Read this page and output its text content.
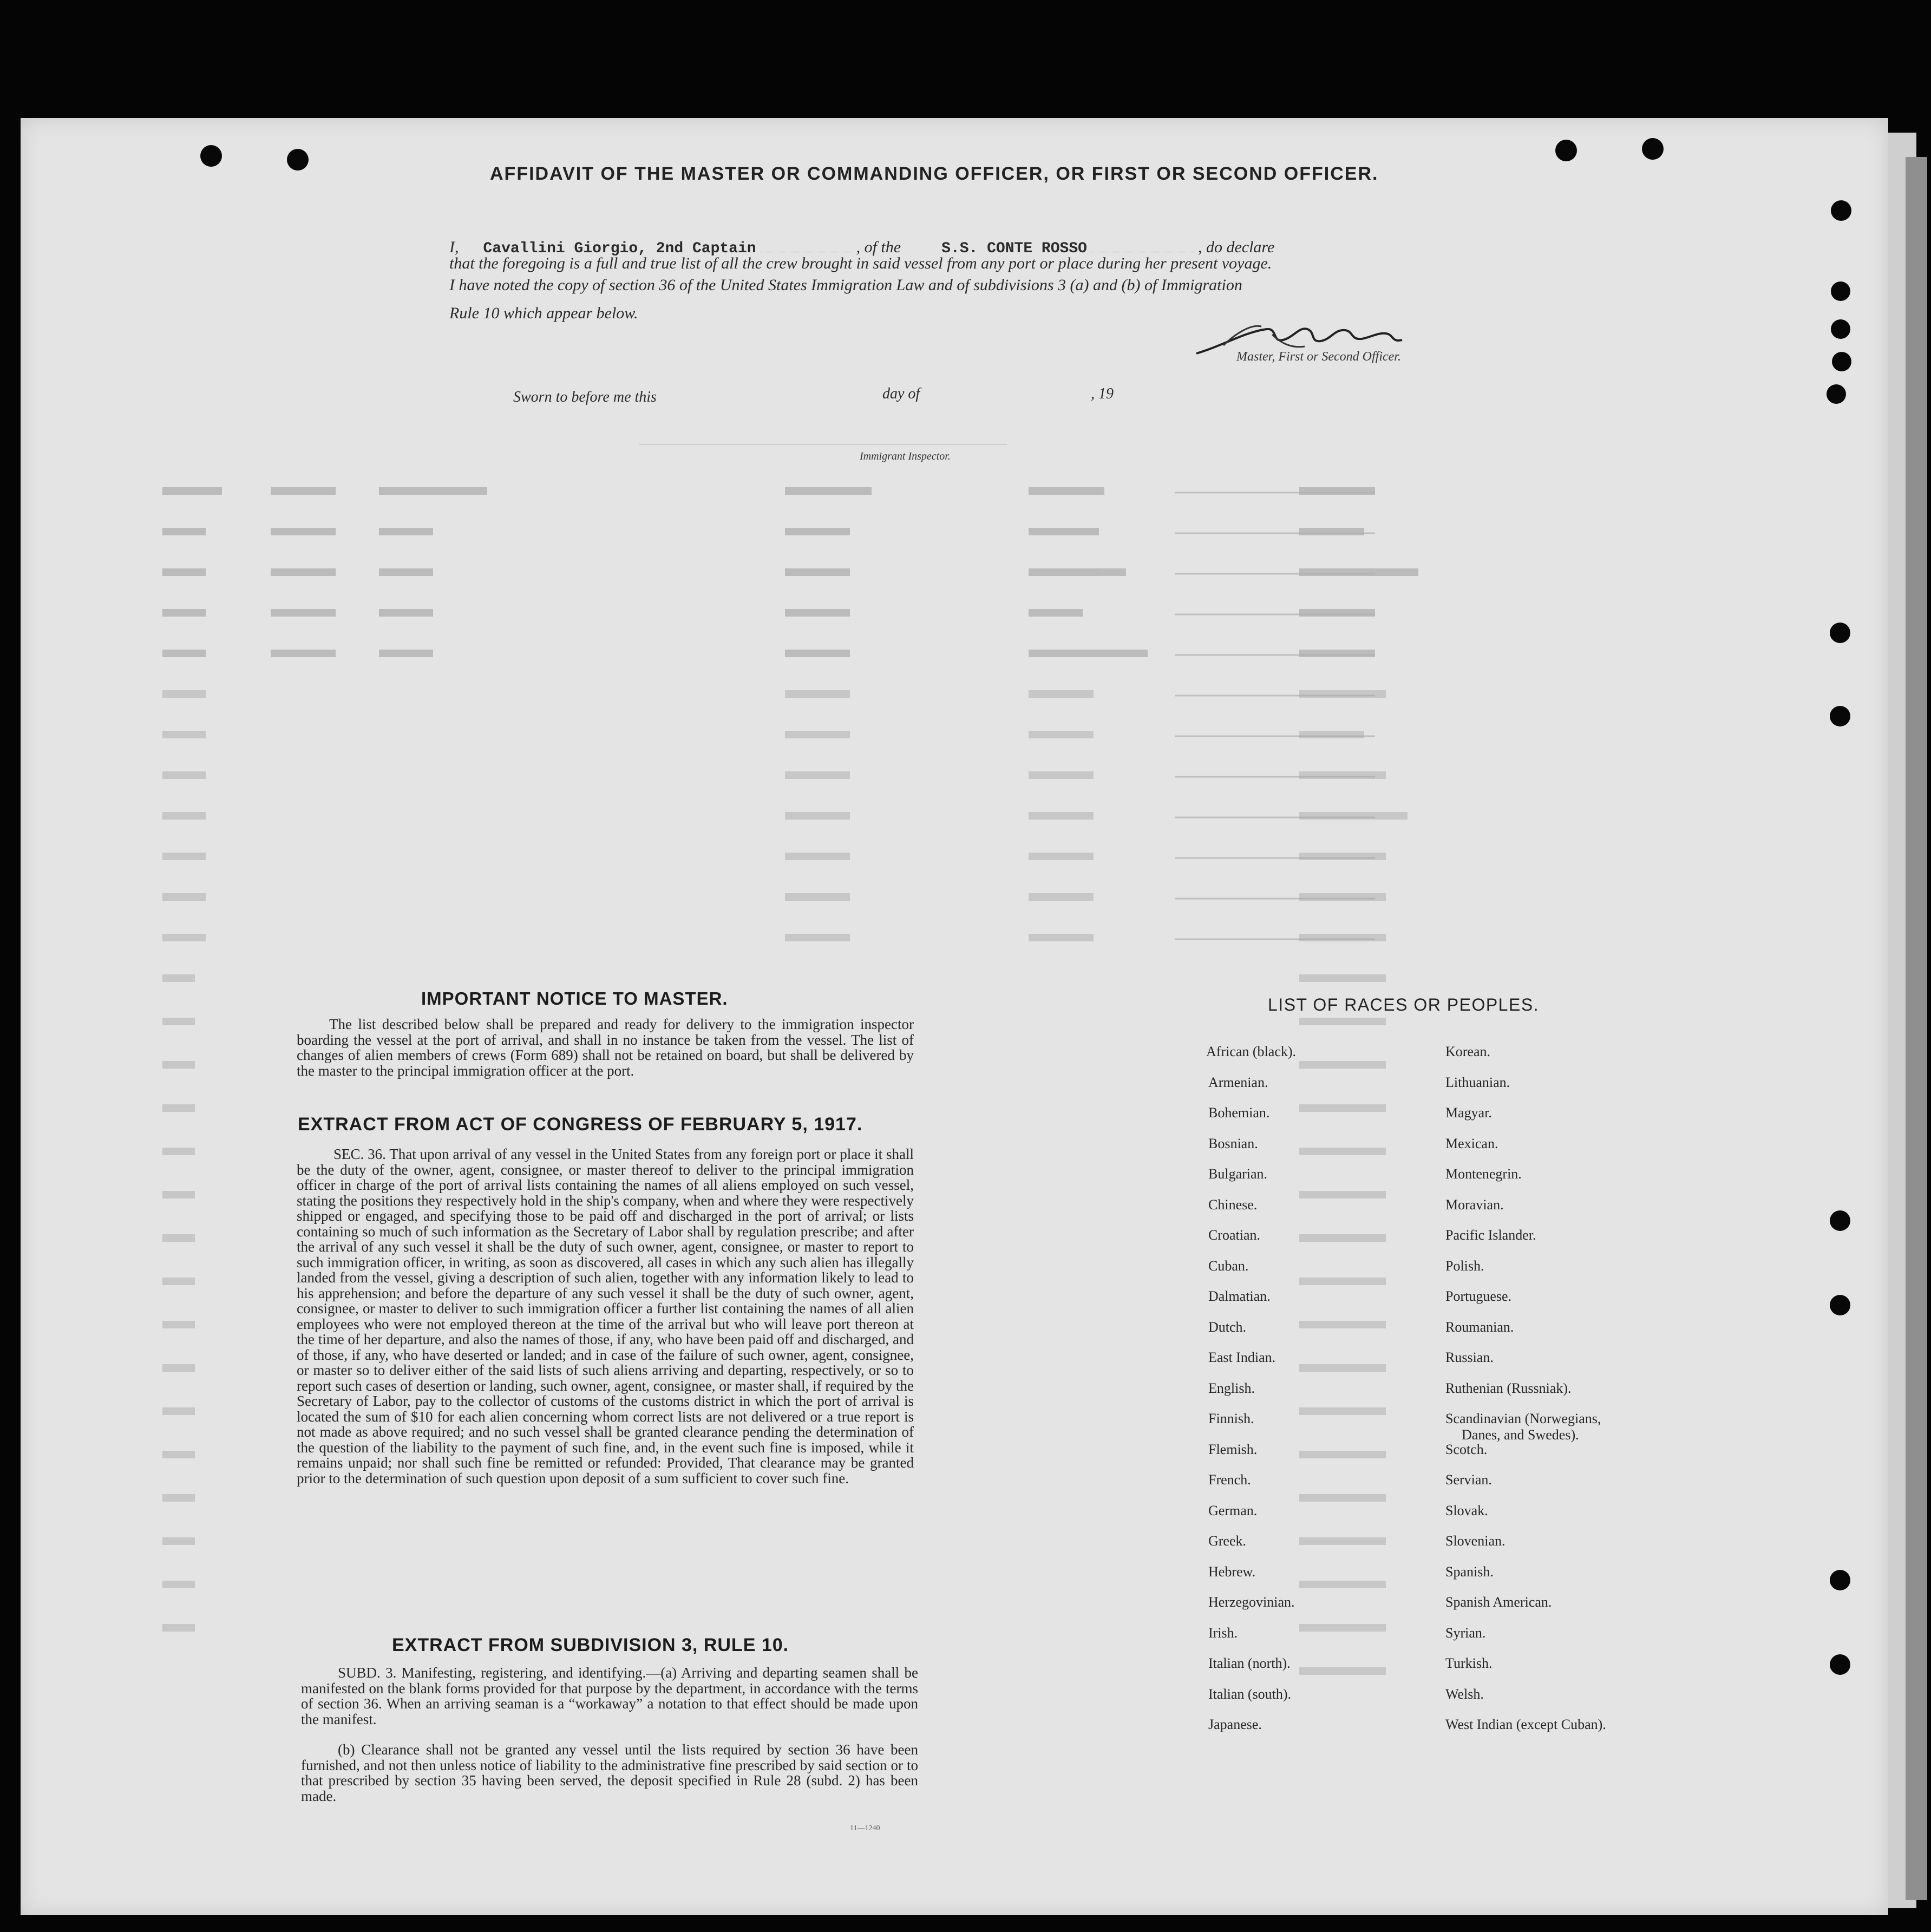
AFFIDAVIT OF THE MASTER OR COMMANDING OFFICER, OR FIRST OR SECOND OFFICER.
I, Cavallini Giorgio, 2nd Captain	, of the	S.S. CONTE ROSSO	, do declare
that the foregoing is a full and true list of all the crew brought in said vessel from any port or place during her present voyage.
I have noted the copy of section 36 of the United States Immigration Law and of subdivisions 3 (a) and (b) of Immigration
Rule 10 which appear below.
Master, First or Second Officer.
Sworn to before me this	day of	, 19
Immigrant Inspector.
IMPORTANT NOTICE TO MASTER.
The list described below shall be prepared and ready for delivery to the immigration inspector boarding the vessel at the port of arrival, and shall in no instance be taken from the vessel. The list of changes of alien members of crews (Form 689) shall not be retained on board, but shall be delivered by the master to the principal immigration officer at the port.
EXTRACT FROM ACT OF CONGRESS OF FEBRUARY 5, 1917.
SEC. 36. That upon arrival of any vessel in the United States from any foreign port or place it shall be the duty of the owner, agent, consignee, or master thereof to deliver to the principal immigration officer in charge of the port of arrival lists containing the names of all aliens employed on such vessel, stating the positions they respectively hold in the ship's company, when and where they were respectively shipped or engaged, and specifying those to be paid off and discharged in the port of arrival; or lists containing so much of such information as the Secretary of Labor shall by regulation prescribe; and after the arrival of any such vessel it shall be the duty of such owner, agent, consignee, or master to report to such immigration officer, in writing, as soon as discovered, all cases in which any such alien has illegally landed from the vessel, giving a description of such alien, together with any information likely to lead to his apprehension; and before the departure of any such vessel it shall be the duty of such owner, agent, consignee, or master to deliver to such immigration officer a further list containing the names of all alien employees who were not employed thereon at the time of the arrival but who will leave port thereon at the time of her departure, and also the names of those, if any, who have been paid off and discharged, and of those, if any, who have deserted or landed; and in case of the failure of such owner, agent, consignee, or master so to deliver either of the said lists of such aliens arriving and departing, respectively, or so to report such cases of desertion or landing, such owner, agent, consignee, or master shall, if required by the Secretary of Labor, pay to the collector of customs of the customs district in which the port of arrival is located the sum of $10 for each alien concerning whom correct lists are not delivered or a true report is not made as above required; and no such vessel shall be granted clearance pending the determination of the question of the liability to the payment of such fine, and, in the event such fine is imposed, while it remains unpaid; nor shall such fine be remitted or refunded: Provided, That clearance may be granted prior to the determination of such question upon deposit of a sum sufficient to cover such fine.
EXTRACT FROM SUBDIVISION 3, RULE 10.
SUBD. 3. Manifesting, registering, and identifying.—(a) Arriving and departing seamen shall be manifested on the blank forms provided for that purpose by the department, in accordance with the terms of section 36. When an arriving seaman is a “workaway” a notation to that effect should be made upon the manifest.
(b) Clearance shall not be granted any vessel until the lists required by section 36 have been furnished, and not then unless notice of liability to the administrative fine prescribed by said section or to that prescribed by section 35 having been served, the deposit specified in Rule 28 (subd. 2) has been made.
11—1240
LIST OF RACES OR PEOPLES.
African (black).
Armenian.
Bohemian.
Bosnian.
Bulgarian.
Chinese.
Croatian.
Cuban.
Dalmatian.
Dutch.
East Indian.
English.
Finnish.
Flemish.
French.
German.
Greek.
Hebrew.
Herzegovinian.
Irish.
Italian (north).
Italian (south).
Japanese.
Korean.
Lithuanian.
Magyar.
Mexican.
Montenegrin.
Moravian.
Pacific Islander.
Polish.
Portuguese.
Roumanian.
Russian.
Ruthenian (Russniak).
Scandinavian (Norwegians,
Danes, and Swedes).
Scotch.
Servian.
Slovak.
Slovenian.
Spanish.
Spanish American.
Syrian.
Turkish.
Welsh.
West Indian (except Cuban).
